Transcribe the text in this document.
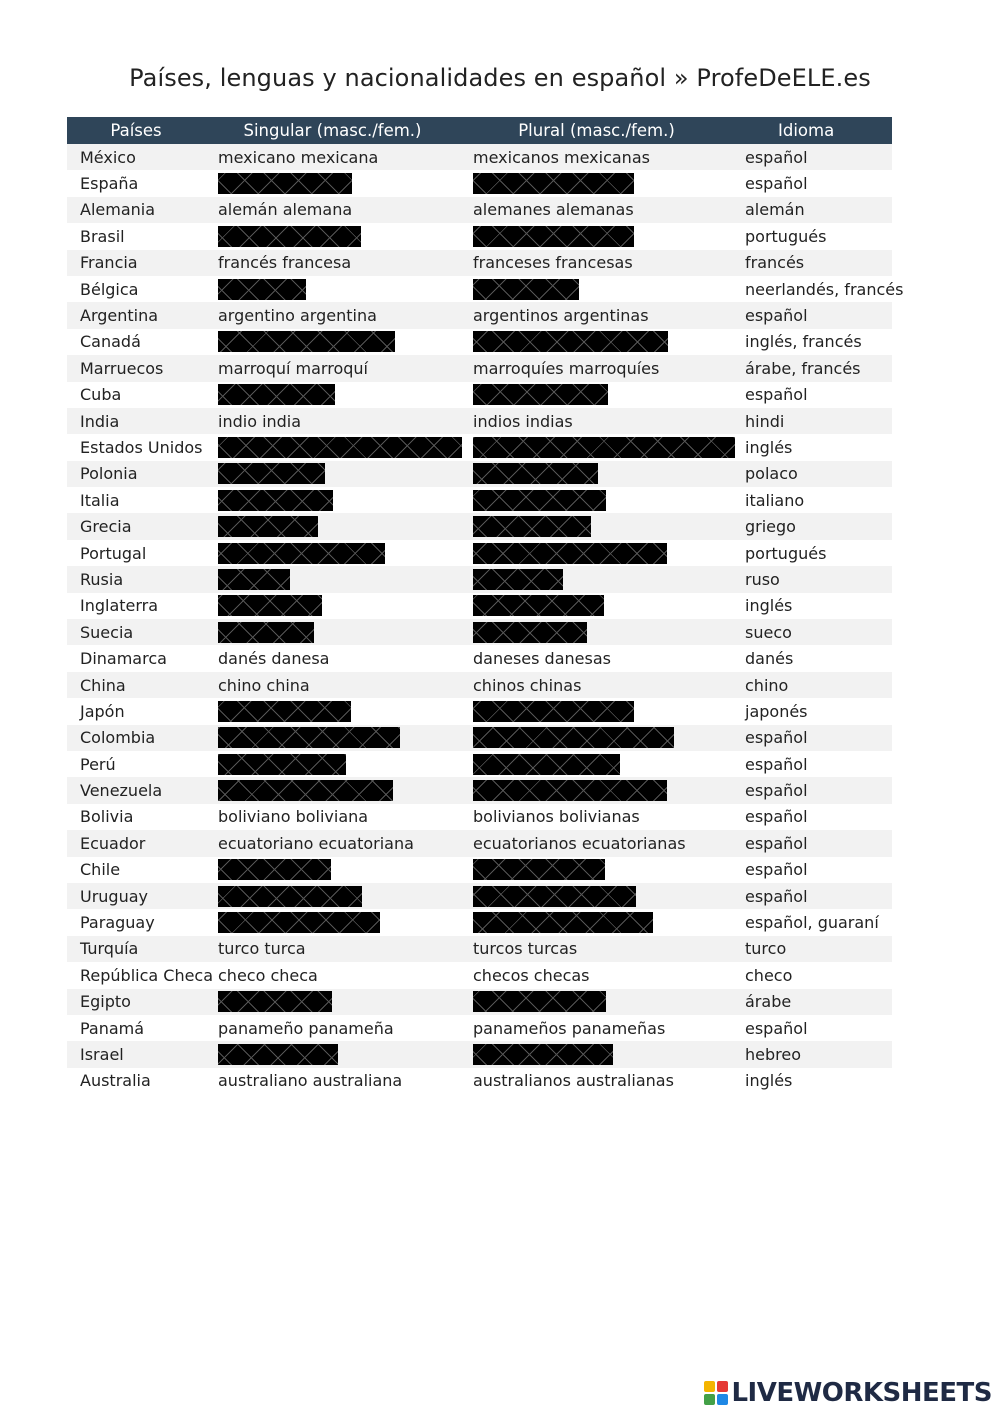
Países, lenguas y nacionalidades en español » ProfeDeELE.es
Países	Singular (masc./fem.)	Plural (masc./fem.)	Idioma
México	mexicano mexicana	mexicanos mexicanas	español
España			español
Alemania	alemán alemana	alemanes alemanas	alemán
Brasil			portugués
Francia	francés francesa	franceses francesas	francés
Bélgica			neerlandés, francés
Argentina	argentino argentina	argentinos argentinas	español
Canadá			inglés, francés
Marruecos	marroquí marroquí	marroquíes marroquíes	árabe, francés
Cuba			español
India	indio india	indios indias	hindi
Estados Unidos			inglés
Polonia			polaco
Italia			italiano
Grecia			griego
Portugal			portugués
Rusia			ruso
Inglaterra			inglés
Suecia			sueco
Dinamarca	danés danesa	daneses danesas	danés
China	chino china	chinos chinas	chino
Japón			japonés
Colombia			español
Perú			español
Venezuela			español
Bolivia	boliviano boliviana	bolivianos bolivianas	español
Ecuador	ecuatoriano ecuatoriana	ecuatorianos ecuatorianas	español
Chile			español
Uruguay			español
Paraguay			español, guaraní
Turquía	turco turca	turcos turcas	turco
República Checa	checo checa	checos checas	checo
Egipto			árabe
Panamá	panameño panameña	panameños panameñas	español
Israel			hebreo
Australia	australiano australiana	australianos australianas	inglés
LIVEWORKSHEETS
